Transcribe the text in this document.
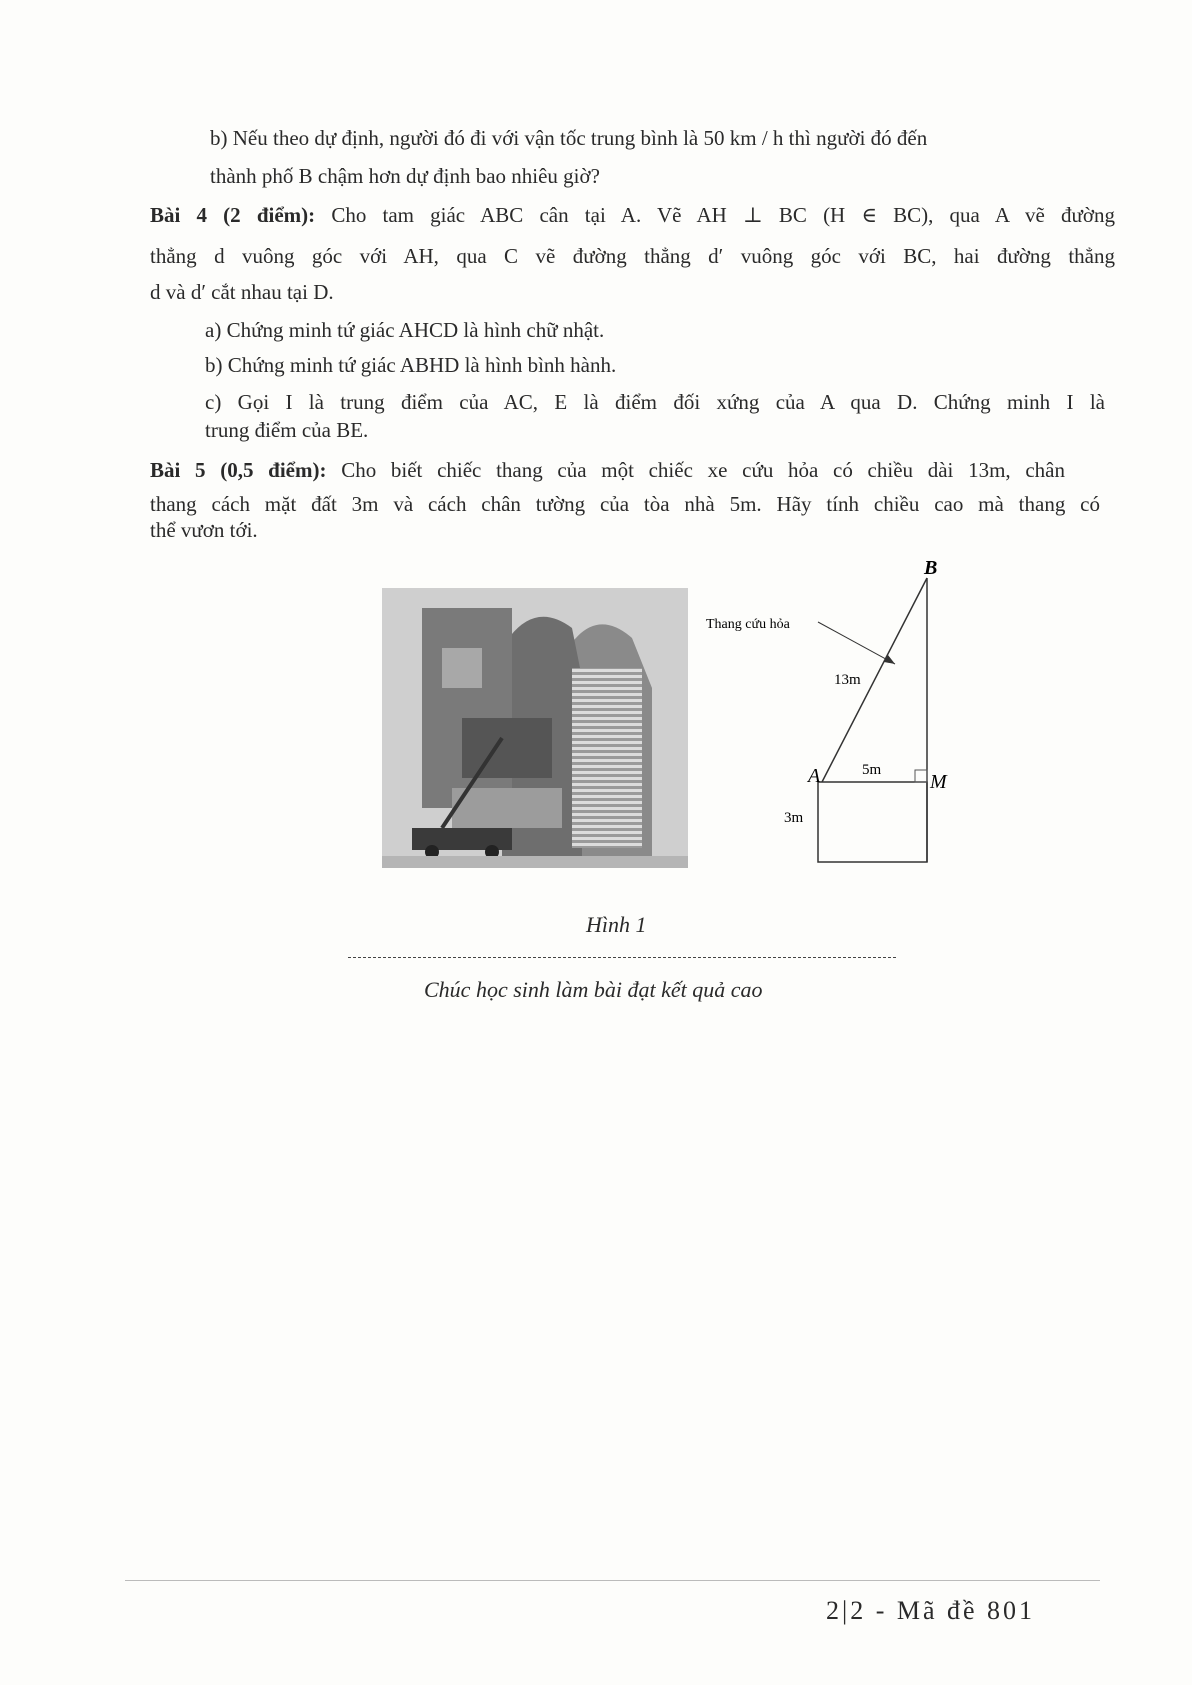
b) Nếu theo dự định, người đó đi với vận tốc trung bình là 50 km / h thì người đó đến
thành phố B chậm hơn dự định bao nhiêu giờ?
Bài 4 (2 điểm): Cho tam giác ABC cân tại A. Vẽ AH ⊥ BC (H ∈ BC), qua A vẽ đường
thẳng d vuông góc với AH, qua C vẽ đường thẳng d′ vuông góc với BC, hai đường thẳng
d và d′ cắt nhau tại D.
a) Chứng minh tứ giác AHCD là hình chữ nhật.
b) Chứng minh tứ giác ABHD là hình bình hành.
c) Gọi I là trung điểm của AC, E là điểm đối xứng của A qua D. Chứng minh I là
trung điểm của BE.
Bài 5 (0,5 điểm): Cho biết chiếc thang của một chiếc xe cứu hỏa có chiều dài 13m, chân
thang cách mặt đất 3m và cách chân tường của tòa nhà 5m. Hãy tính chiều cao mà thang có
thể vươn tới.
B
A	M
Thang cứu hỏa
13m
5m
3m
Hình 1
Chúc học sinh làm bài đạt kết quả cao
2|2 - Mã đề 801
